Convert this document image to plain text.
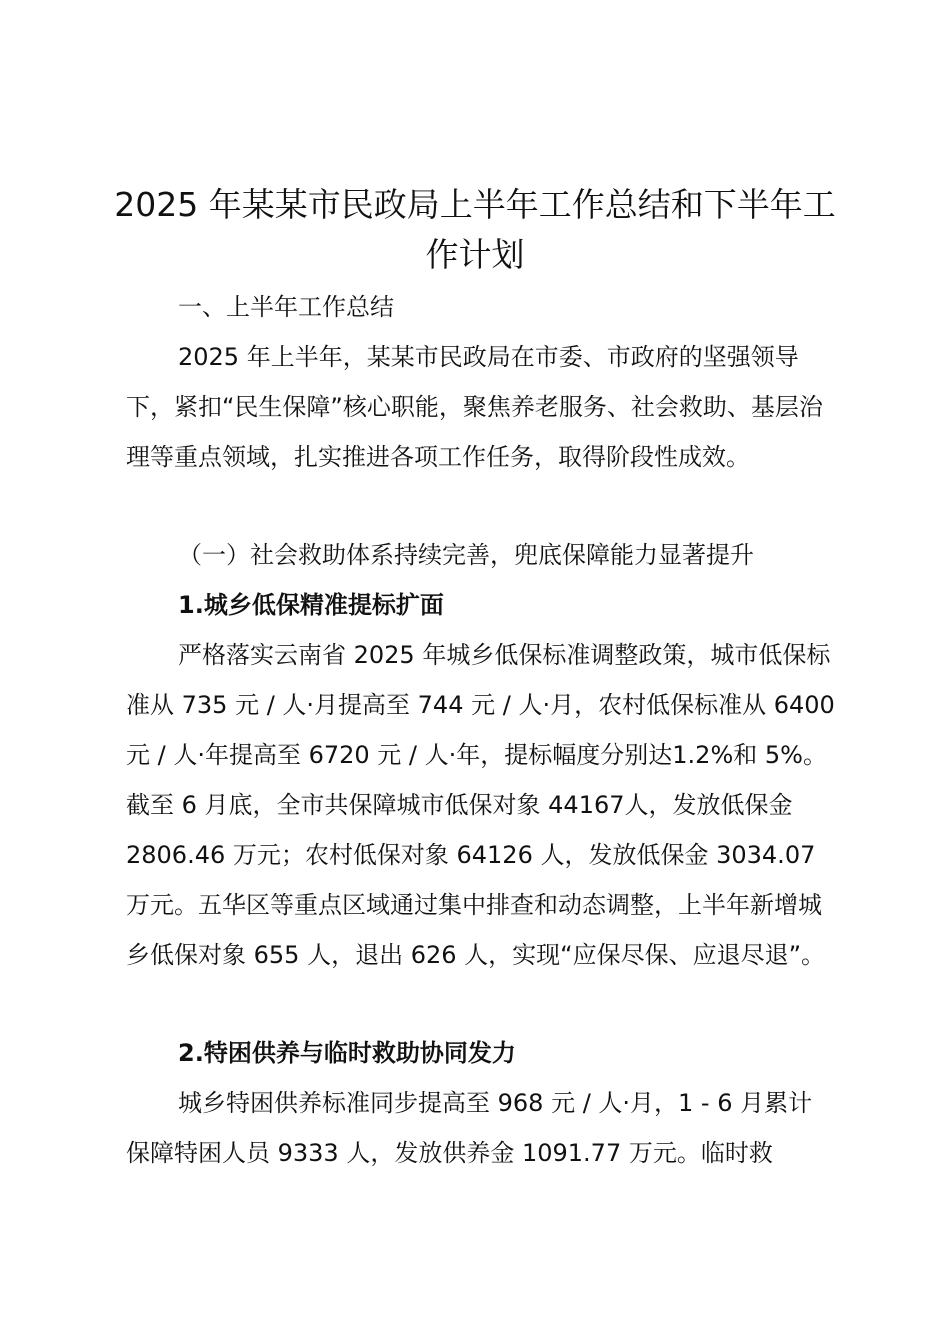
2025 年某某市民政局上半年工作总结和下半年工作计划

一、上半年工作总结

2025 年上半年，某某市民政局在市委、市政府的坚强领导下，紧扣“民生保障”核心职能，聚焦养老服务、社会救助、基层治理等重点领域，扎实推进各项工作任务，取得阶段性成效。

（一）社会救助体系持续完善，兜底保障能力显著提升

1.城乡低保精准提标扩面

严格落实云南省 2025 年城乡低保标准调整政策，城市低保标准从 735 元 / 人·月提高至 744 元 / 人·月，农村低保标准从 6400 元 / 人·年提高至 6720 元 / 人·年，提标幅度分别达1.2%和 5%。截至 6 月底，全市共保障城市低保对象 44167人，发放低保金 2806.46 万元；农村低保对象 64126 人，发放低保金 3034.07 万元。五华区等重点区域通过集中排查和动态调整，上半年新增城乡低保对象 655 人，退出 626 人，实现“应保尽保、应退尽退”。

2.特困供养与临时救助协同发力

城乡特困供养标准同步提高至 968 元 / 人·月，1 - 6 月累计保障特困人员 9333 人，发放供养金 1091.77 万元。临时救
